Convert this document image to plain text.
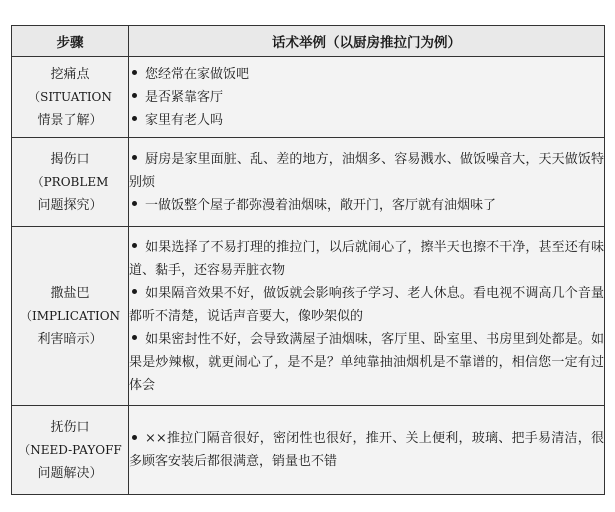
步骤	话术举例（以厨房推拉门为例）

挖痛点
（SITUATION
情景了解）	您经常在家做饭吧
是否紧靠客厅
家里有老人吗

揭伤口
（PROBLEM
问题探究）	厨房是家里面脏、乱、差的地方，油烟多、容易溅水、做饭噪音大，天天做饭特别烦
一做饭整个屋子都弥漫着油烟味，敞开门，客厅就有油烟味了

撒盐巴
（IMPLICATION
利害暗示）	如果选择了不易打理的推拉门，以后就闹心了，擦半天也擦不干净，甚至还有味道、黏手，还容易弄脏衣物
如果隔音效果不好，做饭就会影响孩子学习、老人休息。看电视不调高几个音量都听不清楚，说话声音要大，像吵架似的
如果密封性不好，会导致满屋子油烟味，客厅里、卧室里、书房里到处都是。如果是炒辣椒，就更闹心了，是不是？单纯靠抽油烟机是不靠谱的，相信您一定有过体会

抚伤口
（NEED-PAYOFF
问题解决）	××推拉门隔音很好，密闭性也很好，推开、关上便利，玻璃、把手易清洁，很多顾客安装后都很满意，销量也不错
